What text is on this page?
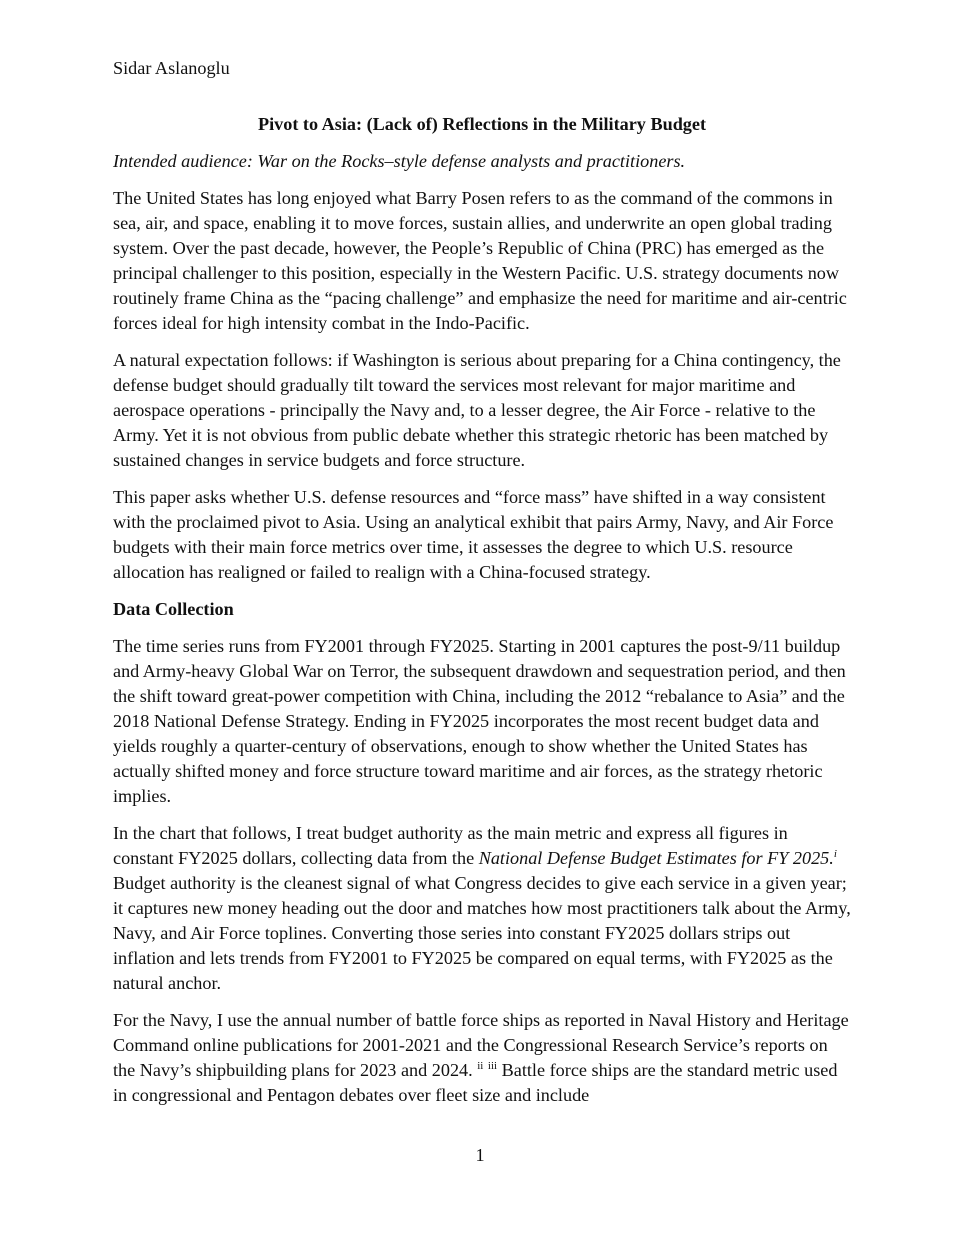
Sidar Aslanoglu

Pivot to Asia: (Lack of) Reflections in the Military Budget

Intended audience: War on the Rocks–style defense analysts and practitioners.

The United States has long enjoyed what Barry Posen refers to as the command of the commons in sea, air, and space, enabling it to move forces, sustain allies, and underwrite an open global trading system. Over the past decade, however, the People’s Republic of China (PRC) has emerged as the principal challenger to this position, especially in the Western Pacific. U.S. strategy documents now routinely frame China as the “pacing challenge” and emphasize the need for maritime and air-centric forces ideal for high intensity combat in the Indo-Pacific.

A natural expectation follows: if Washington is serious about preparing for a China contingency, the defense budget should gradually tilt toward the services most relevant for major maritime and aerospace operations - principally the Navy and, to a lesser degree, the Air Force - relative to the Army. Yet it is not obvious from public debate whether this strategic rhetoric has been matched by sustained changes in service budgets and force structure.

This paper asks whether U.S. defense resources and “force mass” have shifted in a way consistent with the proclaimed pivot to Asia. Using an analytical exhibit that pairs Army, Navy, and Air Force budgets with their main force metrics over time, it assesses the degree to which U.S. resource allocation has realigned or failed to realign with a China-focused strategy.

Data Collection

The time series runs from FY2001 through FY2025. Starting in 2001 captures the post-9/11 buildup and Army-heavy Global War on Terror, the subsequent drawdown and sequestration period, and then the shift toward great-power competition with China, including the 2012 “rebalance to Asia” and the 2018 National Defense Strategy. Ending in FY2025 incorporates the most recent budget data and yields roughly a quarter-century of observations, enough to show whether the United States has actually shifted money and force structure toward maritime and air forces, as the strategy rhetoric implies.

In the chart that follows, I treat budget authority as the main metric and express all figures in constant FY2025 dollars, collecting data from the National Defense Budget Estimates for FY 2025.$^i$ Budget authority is the cleanest signal of what Congress decides to give each service in a given year; it captures new money heading out the door and matches how most practitioners talk about the Army, Navy, and Air Force toplines. Converting those series into constant FY2025 dollars strips out inflation and lets trends from FY2001 to FY2025 be compared on equal terms, with FY2025 as the natural anchor.

For the Navy, I use the annual number of battle force ships as reported in Naval History and Heritage Command online publications for 2001-2021 and the Congressional Research Service’s reports on the Navy’s shipbuilding plans for 2023 and 2024. $^{ii}$ $^{iii}$ Battle force ships are the standard metric used in congressional and Pentagon debates over fleet size and include

1
